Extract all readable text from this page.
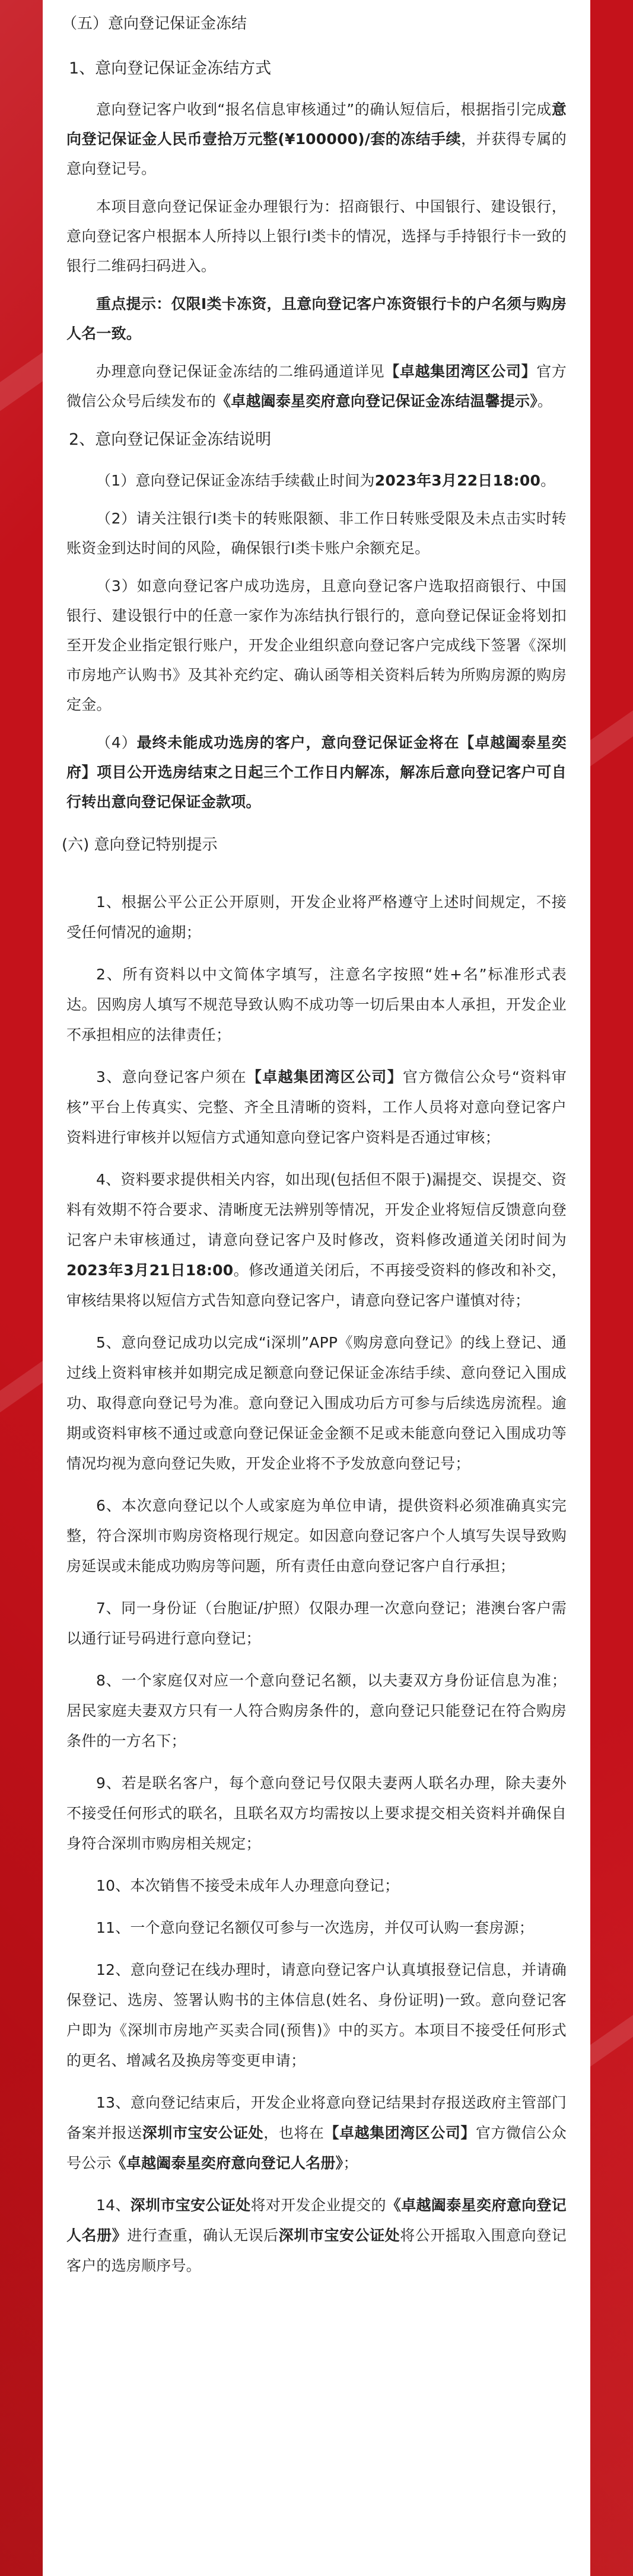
（五）意向登记保证金冻结
1、意向登记保证金冻结方式

意向登记客户收到“报名信息审核通过”的确认短信后，根据指引完成意向登记保证金人民币壹拾万元整(¥100000)/套的冻结手续，并获得专属的意向登记号。

本项目意向登记保证金办理银行为：招商银行、中国银行、建设银行，意向登记客户根据本人所持以上银行Ⅰ类卡的情况，选择与手持银行卡一致的银行二维码扫码进入。

重点提示：仅限Ⅰ类卡冻资，且意向登记客户冻资银行卡的户名须与购房人名一致。

办理意向登记保证金冻结的二维码通道详见【卓越集团湾区公司】官方微信公众号后续发布的《卓越阖泰星奕府意向登记保证金冻结温馨提示》。

2、意向登记保证金冻结说明

（1）意向登记保证金冻结手续截止时间为2023年3月22日18:00。

（2）请关注银行Ⅰ类卡的转账限额、非工作日转账受限及未点击实时转账资金到达时间的风险，确保银行Ⅰ类卡账户余额充足。

（3）如意向登记客户成功选房，且意向登记客户选取招商银行、中国银行、建设银行中的任意一家作为冻结执行银行的，意向登记保证金将划扣至开发企业指定银行账户，开发企业组织意向登记客户完成线下签署《深圳市房地产认购书》及其补充约定、确认函等相关资料后转为所购房源的购房定金。

（4）最终未能成功选房的客户，意向登记保证金将在【卓越阖泰星奕府】项目公开选房结束之日起三个工作日内解冻，解冻后意向登记客户可自行转出意向登记保证金款项。

(六) 意向登记特别提示

1、根据公平公正公开原则，开发企业将严格遵守上述时间规定，不接受任何情况的逾期；

2、所有资料以中文简体字填写，注意名字按照“姓+名”标准形式表达。因购房人填写不规范导致认购不成功等一切后果由本人承担，开发企业不承担相应的法律责任；

3、意向登记客户须在【卓越集团湾区公司】官方微信公众号“资料审核”平台上传真实、完整、齐全且清晰的资料，工作人员将对意向登记客户资料进行审核并以短信方式通知意向登记客户资料是否通过审核；

4、资料要求提供相关内容，如出现(包括但不限于)漏提交、误提交、资料有效期不符合要求、清晰度无法辨别等情况，开发企业将短信反馈意向登记客户未审核通过，请意向登记客户及时修改，资料修改通道关闭时间为2023年3月21日18:00。修改通道关闭后，不再接受资料的修改和补交，审核结果将以短信方式告知意向登记客户，请意向登记客户谨慎对待；

5、意向登记成功以完成“i深圳”APP《购房意向登记》的线上登记、通过线上资料审核并如期完成足额意向登记保证金冻结手续、意向登记入围成功、取得意向登记号为准。意向登记入围成功后方可参与后续选房流程。逾期或资料审核不通过或意向登记保证金金额不足或未能意向登记入围成功等情况均视为意向登记失败，开发企业将不予发放意向登记号；

6、本次意向登记以个人或家庭为单位申请，提供资料必须准确真实完整，符合深圳市购房资格现行规定。如因意向登记客户个人填写失误导致购房延误或未能成功购房等问题，所有责任由意向登记客户自行承担；

7、同一身份证（台胞证/护照）仅限办理一次意向登记；港澳台客户需以通行证号码进行意向登记；

8、一个家庭仅对应一个意向登记名额，以夫妻双方身份证信息为准；居民家庭夫妻双方只有一人符合购房条件的，意向登记只能登记在符合购房条件的一方名下；

9、若是联名客户，每个意向登记号仅限夫妻两人联名办理，除夫妻外不接受任何形式的联名，且联名双方均需按以上要求提交相关资料并确保自身符合深圳市购房相关规定；

10、本次销售不接受未成年人办理意向登记；

11、一个意向登记名额仅可参与一次选房，并仅可认购一套房源；

12、意向登记在线办理时，请意向登记客户认真填报登记信息，并请确保登记、选房、签署认购书的主体信息(姓名、身份证明)一致。意向登记客户即为《深圳市房地产买卖合同(预售)》中的买方。本项目不接受任何形式的更名、增减名及换房等变更申请；

13、意向登记结束后，开发企业将意向登记结果封存报送政府主管部门备案并报送深圳市宝安公证处，也将在【卓越集团湾区公司】官方微信公众号公示《卓越阖泰星奕府意向登记人名册》；

14、深圳市宝安公证处将对开发企业提交的《卓越阖泰星奕府意向登记人名册》进行查重，确认无误后深圳市宝安公证处将公开摇取入围意向登记客户的选房顺序号。
